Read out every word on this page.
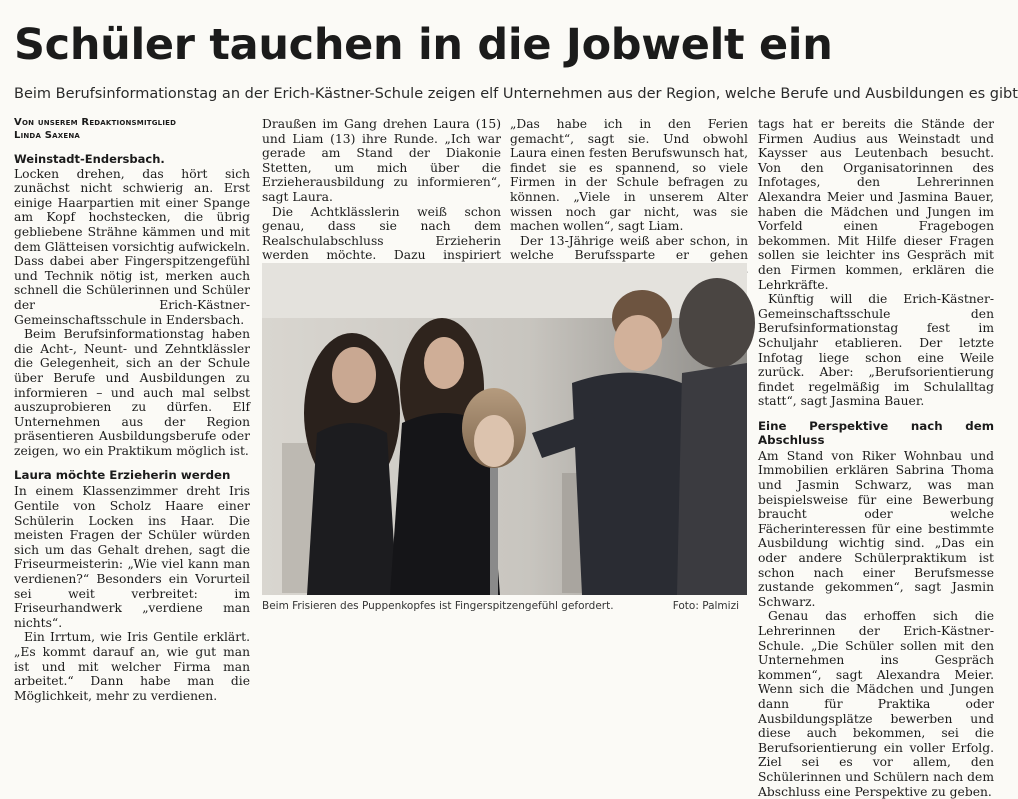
Schüler tauchen in die Jobwelt ein
Beim Berufsinformationstag an der Erich-Kästner-Schule zeigen elf Unternehmen aus der Region, welche Berufe und Ausbildungen es gibt
Von unserem Redaktionsmitglied
Linda Saxena

Weinstadt-Endersbach.

Locken drehen, das hört sich zunächst nicht schwierig an. Erst einige Haarpartien mit einer Spange am Kopf hochstecken, die übrig gebliebene Strähne kämmen und mit dem Glätteisen vorsichtig aufwickeln. Dass dabei aber Fingerspitzengefühl und Technik nötig ist, merken auch schnell die Schülerinnen und Schüler der Erich-Kästner-Gemeinschaftsschule in Endersbach.

Beim Berufsinformationstag haben die Acht-, Neunt- und Zehntklässler die Gelegenheit, sich an der Schule über Berufe und Ausbildungen zu informieren – und auch mal selbst auszuprobieren zu dürfen. Elf Unternehmen aus der Region präsentieren Ausbildungsberufe oder zeigen, wo ein Praktikum möglich ist.

Laura möchte Erzieherin werden

In einem Klassenzimmer dreht Iris Gentile von Scholz Haare einer Schülerin Locken ins Haar. Die meisten Fragen der Schüler würden sich um das Gehalt drehen, sagt die Friseurmeisterin: „Wie viel kann man verdienen?“ Besonders ein Vorurteil sei weit verbreitet: im Friseurhandwerk „verdiene man nichts“.

Ein Irrtum, wie Iris Gentile erklärt. „Es kommt darauf an, wie gut man ist und mit welcher Firma man arbeitet.“ Dann habe man die Möglichkeit, mehr zu verdienen.

Draußen im Gang drehen Laura (15) und Liam (13) ihre Runde. „Ich war gerade am Stand der Diakonie Stetten, um mich über die Erzieherausbildung zu informieren“, sagt Laura.

Die Achtklässlerin weiß schon genau, dass sie nach dem Realschulabschluss Erzieherin werden möchte. Dazu inspiriert

„Das habe ich in den Ferien gemacht“, sagt sie. Und obwohl Laura einen festen Berufswunsch hat, findet sie es spannend, so viele Firmen in der Schule befragen zu können. „Viele in unserem Alter wissen noch gar nicht, was sie machen wollen“, sagt Liam.

Der 13-Jährige weiß aber schon, in welche Berufssparte er gehen

tags hat er bereits die Stände der Firmen Audius aus Weinstadt und Kaysser aus Leutenbach besucht. Von den Organisatorinnen des Infotages, den Lehrerinnen Alexandra Meier und Jasmina Bauer, haben die Mädchen und Jungen im Vorfeld einen Fragebogen bekommen. Mit Hilfe dieser Fragen sollen sie leichter ins Gespräch mit den Firmen kommen, erklären die Lehrkräfte.

Künftig will die Erich-Kästner-Gemeinschaftsschule den Berufsinformationstag fest im Schuljahr etablieren. Der letzte Infotag liege schon eine Weile zurück. Aber: „Berufsorientierung findet regelmäßig im Schulalltag statt“, sagt Jasmina Bauer.

Eine Perspektive nach dem Abschluss

Am Stand von Riker Wohnbau und Immobilien erklären Sabrina Thoma und Jasmin Schwarz, was man beispielsweise für eine Bewerbung braucht oder welche Fächerinteressen für eine bestimmte Ausbildung wichtig sind. „Das ein oder andere Schülerpraktikum ist schon nach einer Berufsmesse zustande gekommen“, sagt Jasmin Schwarz.

Genau das erhoffen sich die Lehrerinnen der Erich-Kästner-Schule. „Die Schüler sollen mit den Unternehmen ins Gespräch kommen“, sagt Alexandra Meier. Wenn sich die Mädchen und Jungen dann für Praktika oder Ausbildungsplätze bewerben und diese auch bekommen, sei die Berufsorientierung ein voller Erfolg. Ziel sei es vor allem, den Schülerinnen und Schülern nach dem Abschluss eine Perspektive zu geben.

Beim Frisieren des Puppenkopfes ist Fingerspitzengefühl gefordert.	Foto: Palmizi
